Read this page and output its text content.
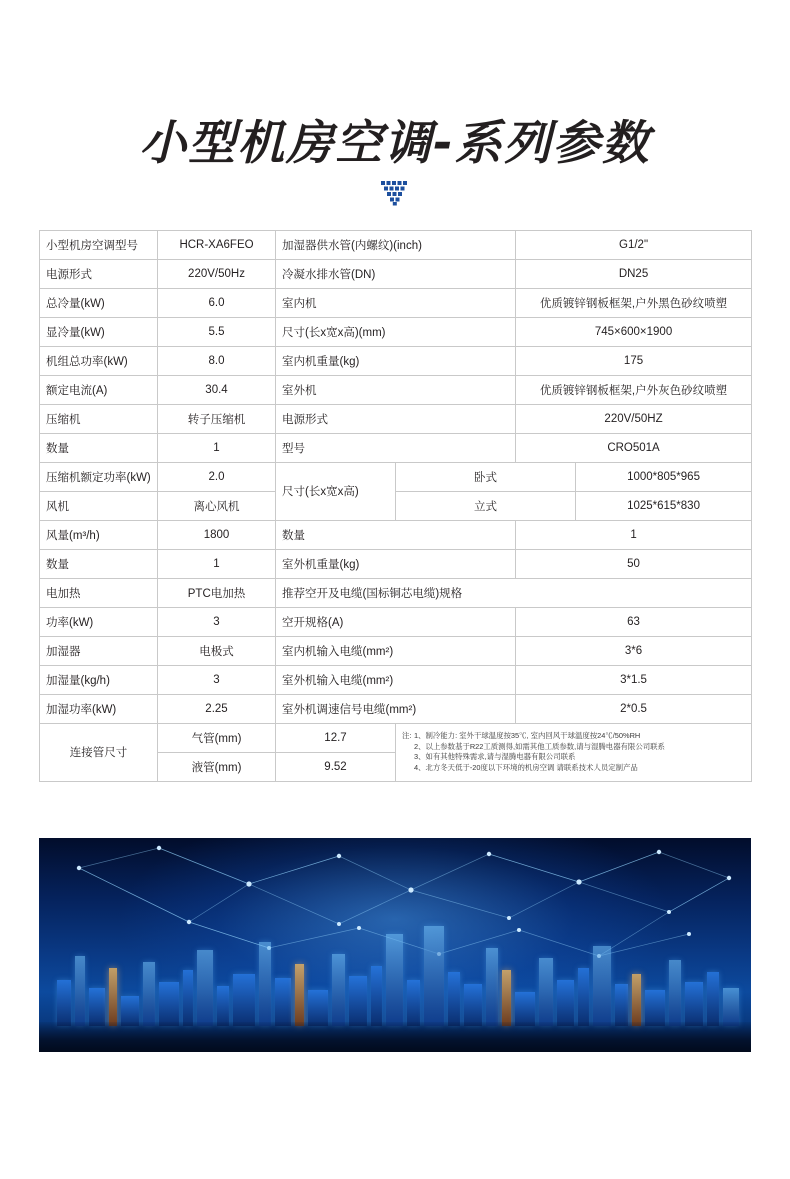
小型机房空调-系列参数
小型机房空调型号	HCR-XA6FEO	加湿器供水管(内螺纹)(inch)		G1/2"	
电源形式	220V/50Hz	冷凝水排水管(DN)		DN25	
总冷量(kW)	6.0	室内机		优质镀锌钢板框架,户外黑色砂纹喷塑	
显冷量(kW)	5.5	尺寸(长x宽x高)(mm)		745×600×1900	
机组总功率(kW)	8.0	室内机重量(kg)		175	
额定电流(A)	30.4	室外机		优质镀锌钢板框架,户外灰色砂纹喷塑	
压缩机	转子压缩机	电源形式		220V/50HZ	
数量	1	型号		CRO501A	
压缩机额定功率(kW)	2.0	尺寸(长x宽x高)	卧式		1000*805*965
风机	离心风机		立式		1025*615*830
风量(m³/h)	1800	数量		1	
数量	1	室外机重量(kg)		50	
电加热	PTC电加热	推荐空开及电缆(国标铜芯电缆)规格			
功率(kW)	3	空开规格(A)		63	
加湿器	电极式	室内机输入电缆(mm²)		3*6	
加湿量(kg/h)	3	室外机输入电缆(mm²)		3*1.5	
加湿功率(kW)	2.25	室外机调速信号电缆(mm²)		2*0.5	
连接管尺寸	气管(mm)	12.7	注: 1、制冷能力: 室外干球温度按35℃, 室内回风干球温度按24℃/50%RH
2、以上参数基于R22工质测得,如需其他工质参数,请与湿腾电器有限公司联系
3、如有其他特殊需求,请与湿腾电器有限公司联系
4、北方冬天低于-20度以下环境的机房空调 请联系技术人员定制产品

	液管(mm)	9.52			
